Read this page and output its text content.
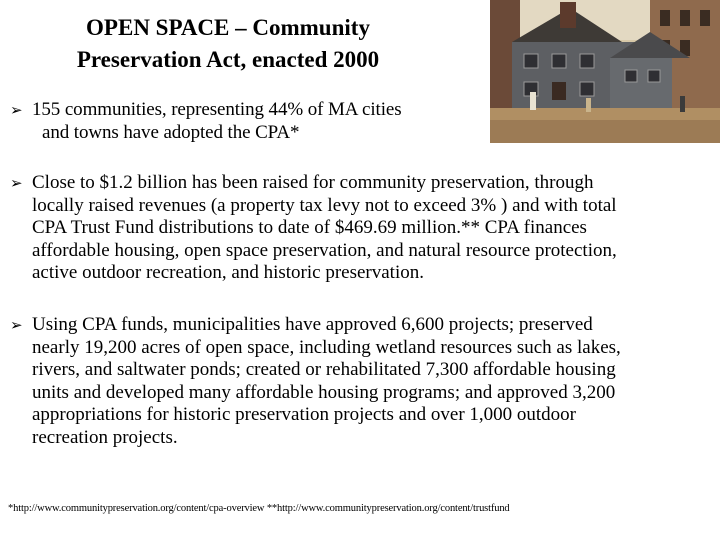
OPEN SPACE – Community
Preservation Act, enacted 2000
➢ 155 communities, representing 44% of MA cities
and towns have adopted the CPA*
➢ Close to $1.2 billion has been raised for community preservation, through
locally raised revenues (a property tax levy not to exceed 3% ) and with total
CPA Trust Fund distributions to date of $469.69 million.** CPA finances
affordable housing, open space preservation, and natural resource protection,
active outdoor recreation, and historic preservation.
➢ Using CPA funds, municipalities have approved 6,600 projects; preserved
nearly 19,200 acres of open space, including wetland resources such as lakes,
rivers, and saltwater ponds; created or rehabilitated 7,300 affordable housing
units and developed many affordable housing programs; and approved 3,200
appropriations for historic preservation projects and over 1,000 outdoor
recreation projects.
*http://www.communitypreservation.org/content/cpa-overview **http://www.communitypreservation.org/content/trustfund
